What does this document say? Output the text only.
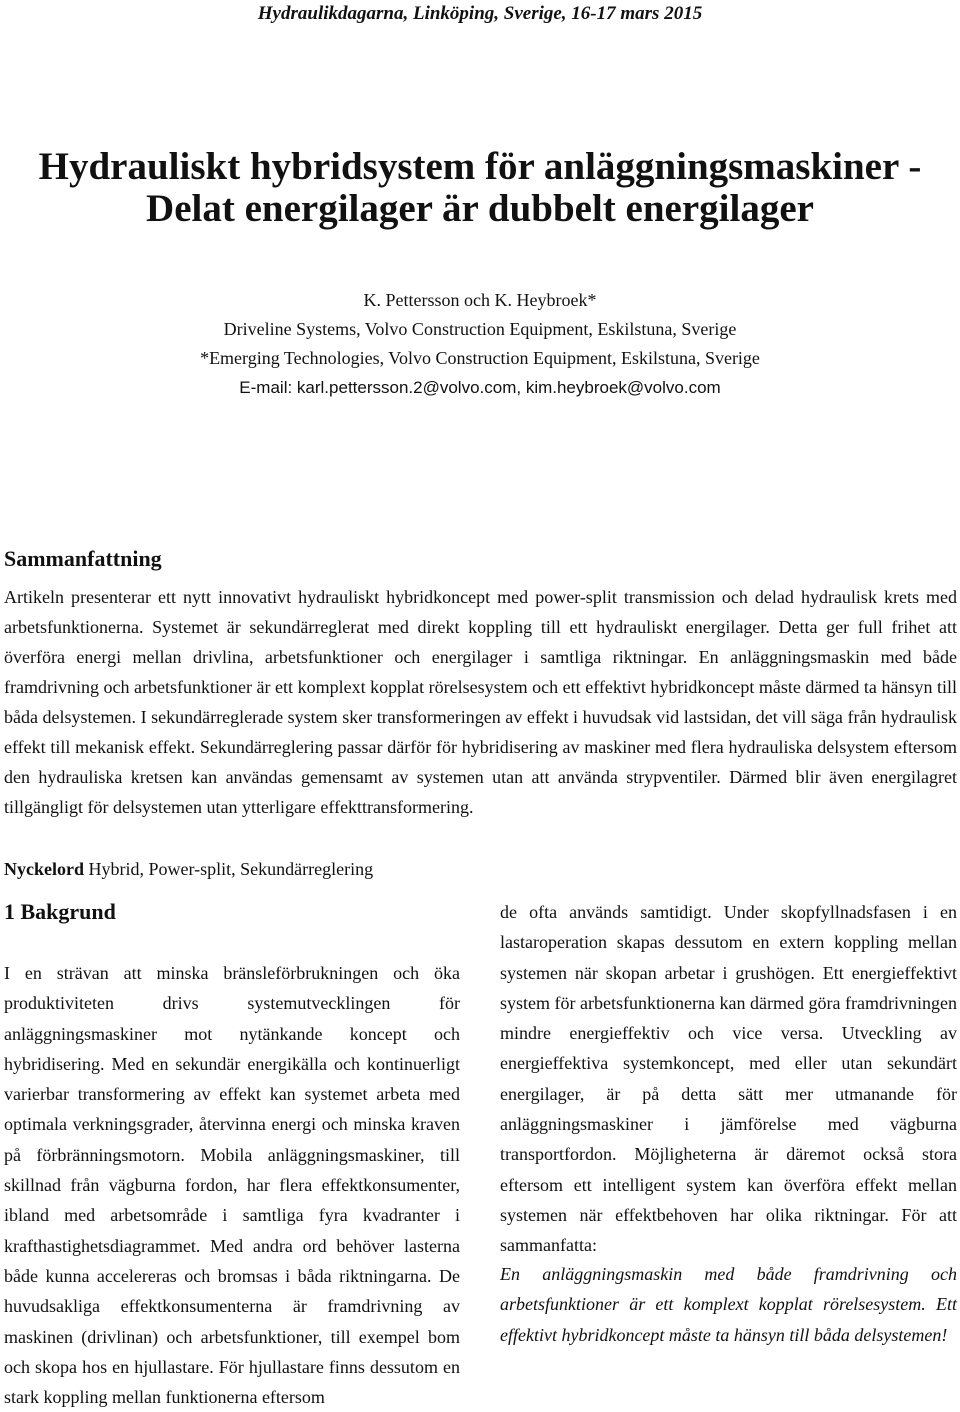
Hydraulikdagarna, Linköping, Sverige, 16-17 mars 2015
Hydrauliskt hybridsystem för anläggningsmaskiner -
Delat energilager är dubbelt energilager
K. Pettersson och K. Heybroek*
Driveline Systems, Volvo Construction Equipment, Eskilstuna, Sverige
*Emerging Technologies, Volvo Construction Equipment, Eskilstuna, Sverige
E-mail: karl.pettersson.2@volvo.com, kim.heybroek@volvo.com
Sammanfattning

Artikeln presenterar ett nytt innovativt hydrauliskt hybridkoncept med power-split transmission och delad hydraulisk krets med arbetsfunktionerna. Systemet är sekundärreglerat med direkt koppling till ett hydrauliskt energilager. Detta ger full frihet att överföra energi mellan drivlina, arbetsfunktioner och energilager i samtliga riktningar. En anläggningsmaskin med både framdrivning och arbetsfunktioner är ett komplext kopplat rörelsesystem och ett effektivt hybridkoncept måste därmed ta hänsyn till båda delsystemen. I sekundärreglerade system sker transformeringen av effekt i huvudsak vid lastsidan, det vill säga från hydraulisk effekt till mekanisk effekt. Sekundärreglering passar därför för hybridisering av maskiner med flera hydrauliska delsystem eftersom den hydrauliska kretsen kan användas gemensamt av systemen utan att använda strypventiler. Därmed blir även energilagret tillgängligt för delsystemen utan ytterligare effekttransformering.

Nyckelord Hybrid, Power-split, Sekundärreglering
1 Bakgrund

I en strävan att minska bränsleförbrukningen och öka produktiviteten drivs systemutvecklingen för anläggningsmaskiner mot nytänkande koncept och hybridisering. Med en sekundär energikälla och kontinuerligt varierbar transformering av effekt kan systemet arbeta med optimala verkningsgrader, återvinna energi och minska kraven på förbränningsmotorn. Mobila anläggningsmaskiner, till skillnad från vägburna fordon, har flera effektkonsumenter, ibland med arbetsområde i samtliga fyra kvadranter i krafthastighetsdiagrammet. Med andra ord behöver lasterna både kunna accelereras och bromsas i båda riktningarna. De huvudsakliga effektkonsumenterna är framdrivning av maskinen (drivlinan) och arbetsfunktioner, till exempel bom och skopa hos en hjullastare. För hjullastare finns dessutom en stark koppling mellan funktionerna eftersom

de ofta används samtidigt. Under skopfyllnadsfasen i en lastaroperation skapas dessutom en extern koppling mellan systemen när skopan arbetar i grushögen. Ett energieffektivt system för arbetsfunktionerna kan därmed göra framdrivningen mindre energieffektiv och vice versa. Utveckling av energieffektiva systemkoncept, med eller utan sekundärt energilager, är på detta sätt mer utmanande för anläggningsmaskiner i jämförelse med vägburna transportfordon. Möjligheterna är däremot också stora eftersom ett intelligent system kan överföra effekt mellan systemen när effektbehoven har olika riktningar. För att sammanfatta:

En anläggningsmaskin med både framdrivning och arbetsfunktioner är ett komplext kopplat rörelsesystem. Ett effektivt hybridkoncept måste ta hänsyn till båda delsystemen!
